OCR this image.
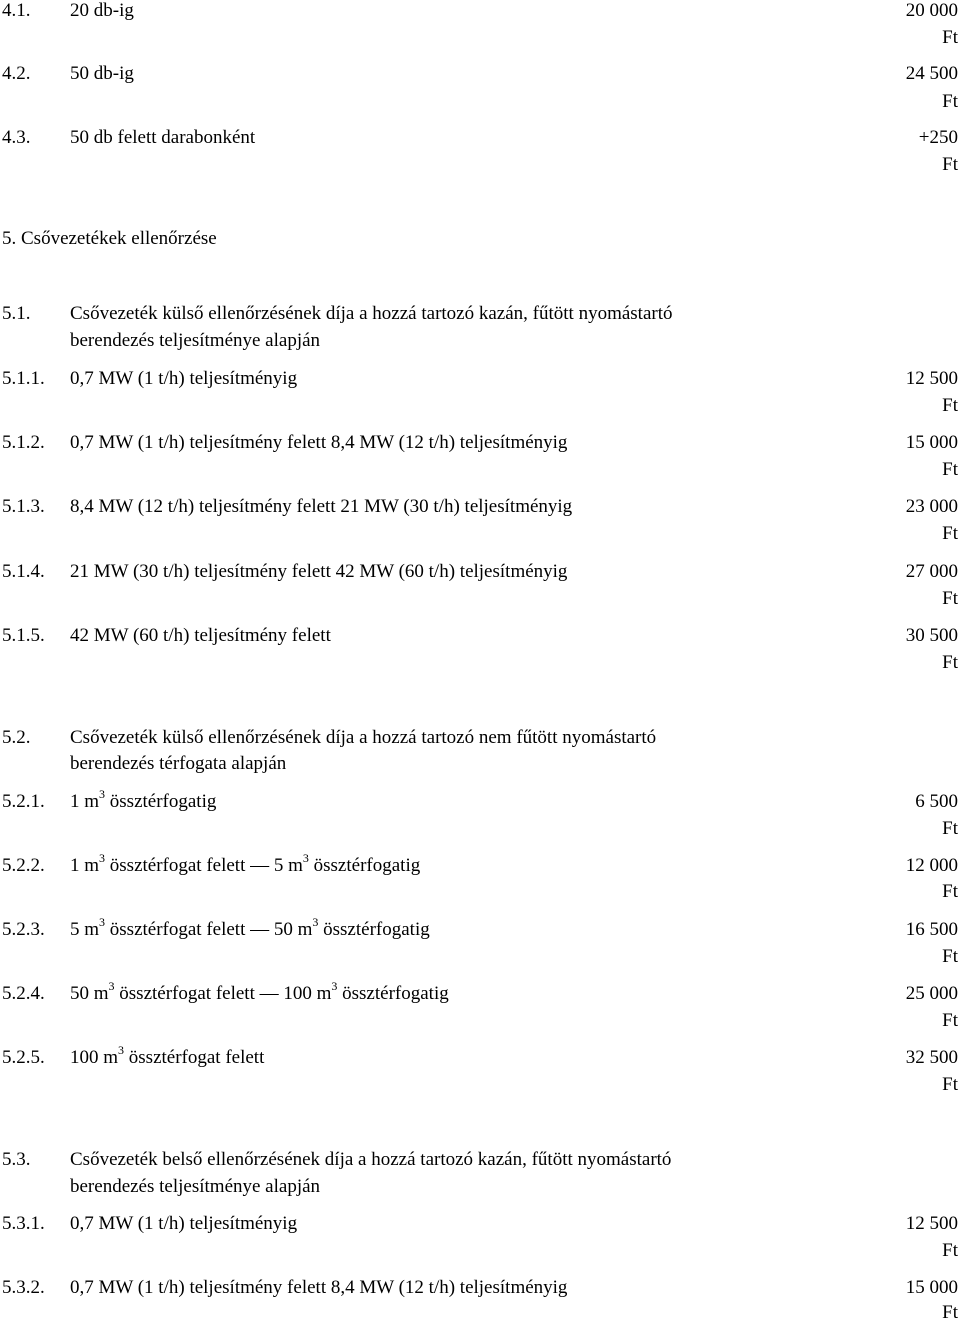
4.1. 20 db-ig	20 000
Ft
4.2. 50 db-ig	24 500
Ft
4.3. 50 db felett darabonként	+250
Ft
5. Csővezetékek ellenőrzése
5.1. Csővezeték külső ellenőrzésének díja a hozzá tartozó kazán, fűtött nyomástartó
berendezés teljesítménye alapján
5.1.1. 0,7 MW (1 t/h) teljesítményig	12 500
Ft
5.1.2. 0,7 MW (1 t/h) teljesítmény felett 8,4 MW (12 t/h) teljesítményig	15 000
Ft
5.1.3. 8,4 MW (12 t/h) teljesítmény felett 21 MW (30 t/h) teljesítményig	23 000
Ft
5.1.4. 21 MW (30 t/h) teljesítmény felett 42 MW (60 t/h) teljesítményig	27 000
Ft
5.1.5. 42 MW (60 t/h) teljesítmény felett	30 500
Ft
5.2. Csővezeték külső ellenőrzésének díja a hozzá tartozó nem fűtött nyomástartó
berendezés térfogata alapján
5.2.1. 1 $m^3$ össztérfogatig	6 500
Ft
5.2.2. 1 $m^3$ össztérfogat felett — 5 $m^3$ össztérfogatig	12 000
Ft
5.2.3. 5 $m^3$ össztérfogat felett — 50 $m^3$ össztérfogatig	16 500
Ft
5.2.4. 50 $m^3$ össztérfogat felett — 100 $m^3$ össztérfogatig	25 000
Ft
5.2.5. 100 $m^3$ össztérfogat felett	32 500
Ft
5.3. Csővezeték belső ellenőrzésének díja a hozzá tartozó kazán, fűtött nyomástartó
berendezés teljesítménye alapján
5.3.1. 0,7 MW (1 t/h) teljesítményig	12 500
Ft
5.3.2. 0,7 MW (1 t/h) teljesítmény felett 8,4 MW (12 t/h) teljesítményig	15 000
Ft
